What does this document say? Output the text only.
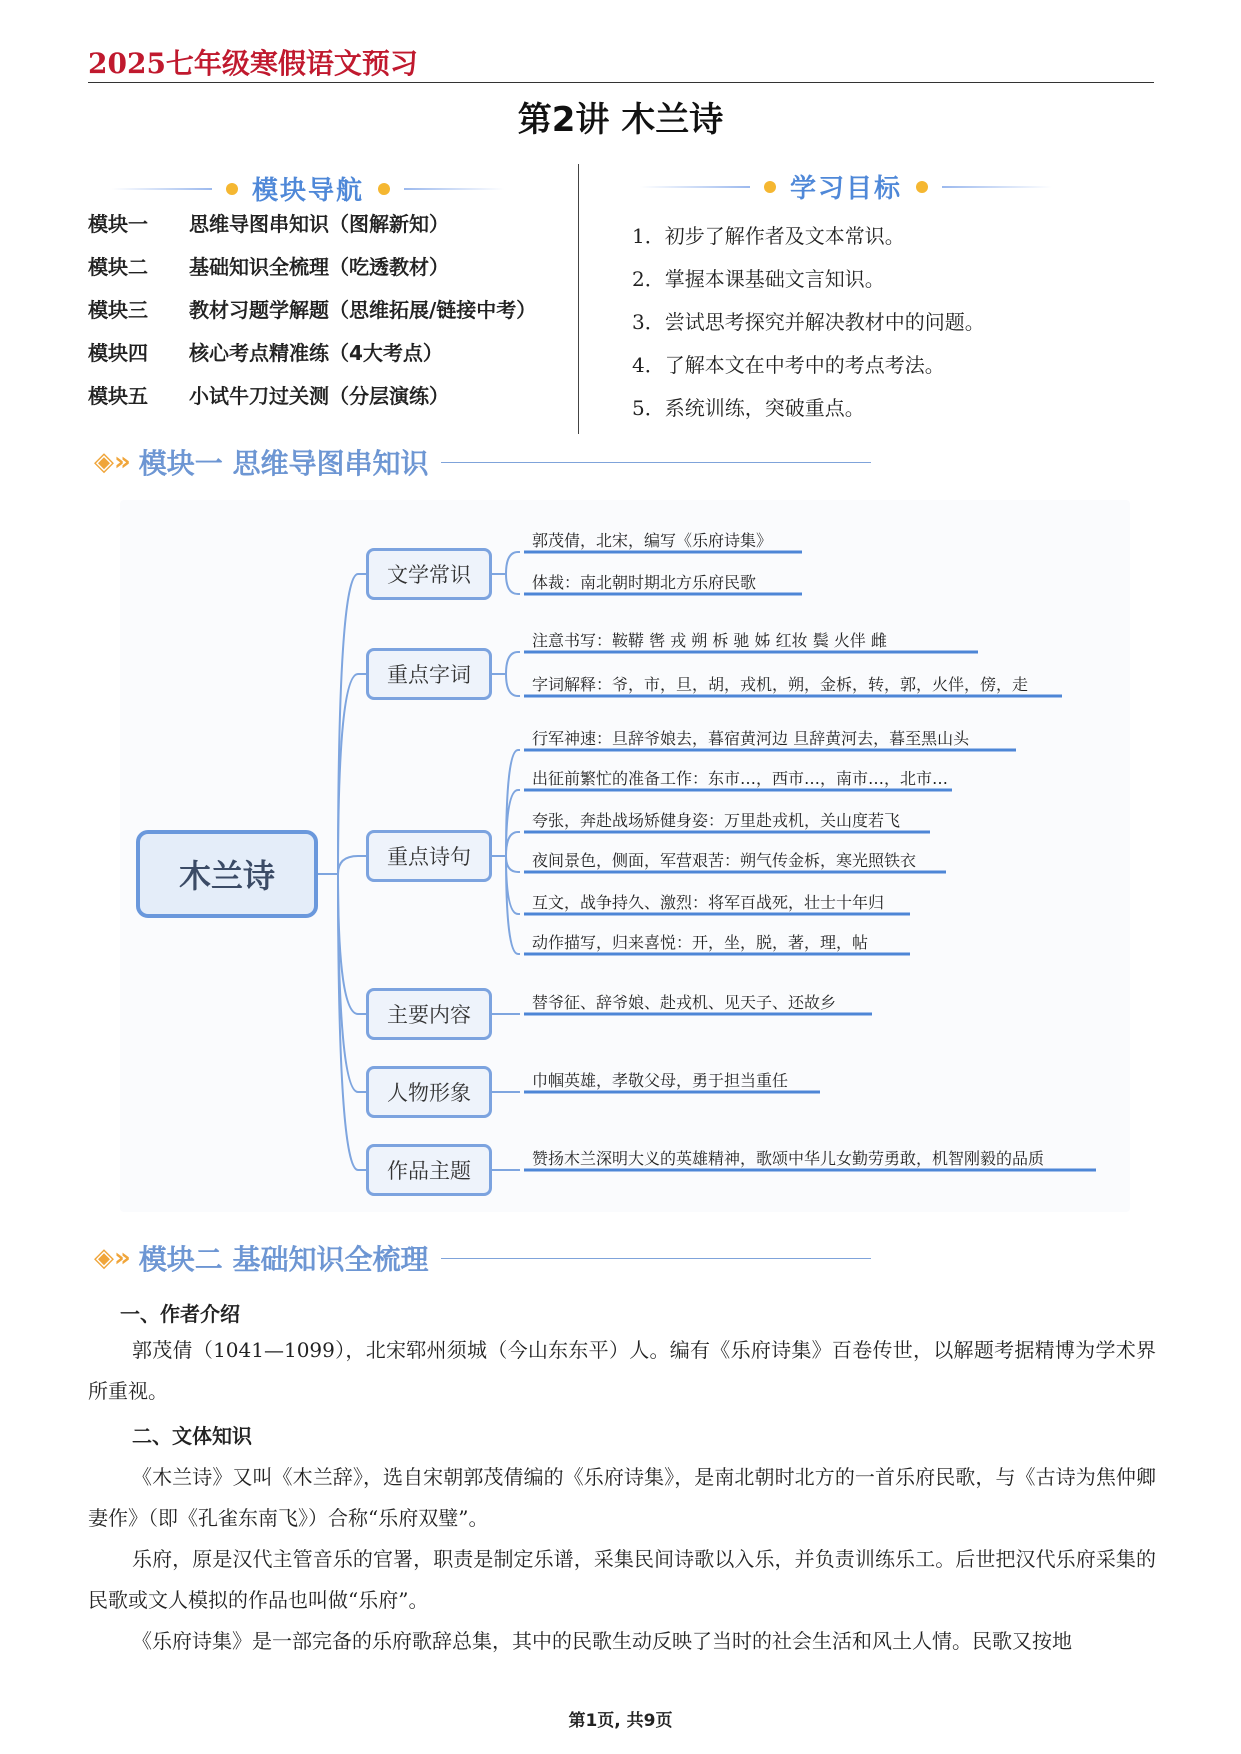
2025七年级寒假语文预习
第2讲 木兰诗
模块导航
模块一	思维导图串知识（图解新知）
模块二	基础知识全梳理（吃透教材）
模块三	教材习题学解题（思维拓展/链接中考）
模块四	核心考点精准练（4大考点）
模块五	小试牛刀过关测（分层演练）
学习目标
1．初步了解作者及文本常识。
2．掌握本课基础文言知识。
3．尝试思考探究并解决教材中的问题。
4．了解本文在中考中的考点考法。
5．系统训练，突破重点。
◈» 模块一 思维导图串知识
木兰诗
文学常识
重点字词
重点诗句
主要内容
人物形象
作品主题
郭茂倩，北宋，编写《乐府诗集》
体裁：南北朝时期北方乐府民歌
注意书写：鞍鞯 辔 戎 朔 柝 驰 姊 红妆 鬓 火伴 雌
字词解释：爷，市，旦，胡，戎机，朔，金柝，转，郭，火伴，傍，走
行军神速：旦辞爷娘去，暮宿黄河边 旦辞黄河去，暮至黑山头
出征前繁忙的准备工作：东市…，西市…，南市…，北市…
夸张，奔赴战场矫健身姿：万里赴戎机，关山度若飞
夜间景色，侧面，军营艰苦：朔气传金柝，寒光照铁衣
互文，战争持久、激烈：将军百战死，壮士十年归
动作描写，归来喜悦：开，坐，脱，著，理，帖
替爷征、辞爷娘、赴戎机、见天子、还故乡
巾帼英雄，孝敬父母，勇于担当重任
赞扬木兰深明大义的英雄精神，歌颂中华儿女勤劳勇敢，机智刚毅的品质
◈» 模块二 基础知识全梳理
一、作者介绍
郭茂倩（1041—1099），北宋郓州须城（今山东东平）人。编有《乐府诗集》百卷传世，以解题考据精博为学术界所重视。
二、文体知识
《木兰诗》又叫《木兰辞》，选自宋朝郭茂倩编的《乐府诗集》，是南北朝时北方的一首乐府民歌，与《古诗为焦仲卿妻作》（即《孔雀东南飞》）合称“乐府双璧”。
乐府，原是汉代主管音乐的官署，职责是制定乐谱，采集民间诗歌以入乐，并负责训练乐工。后世把汉代乐府采集的民歌或文人模拟的作品也叫做“乐府”。
《乐府诗集》是一部完备的乐府歌辞总集，其中的民歌生动反映了当时的社会生活和风土人情。民歌又按地
第1页, 共9页
